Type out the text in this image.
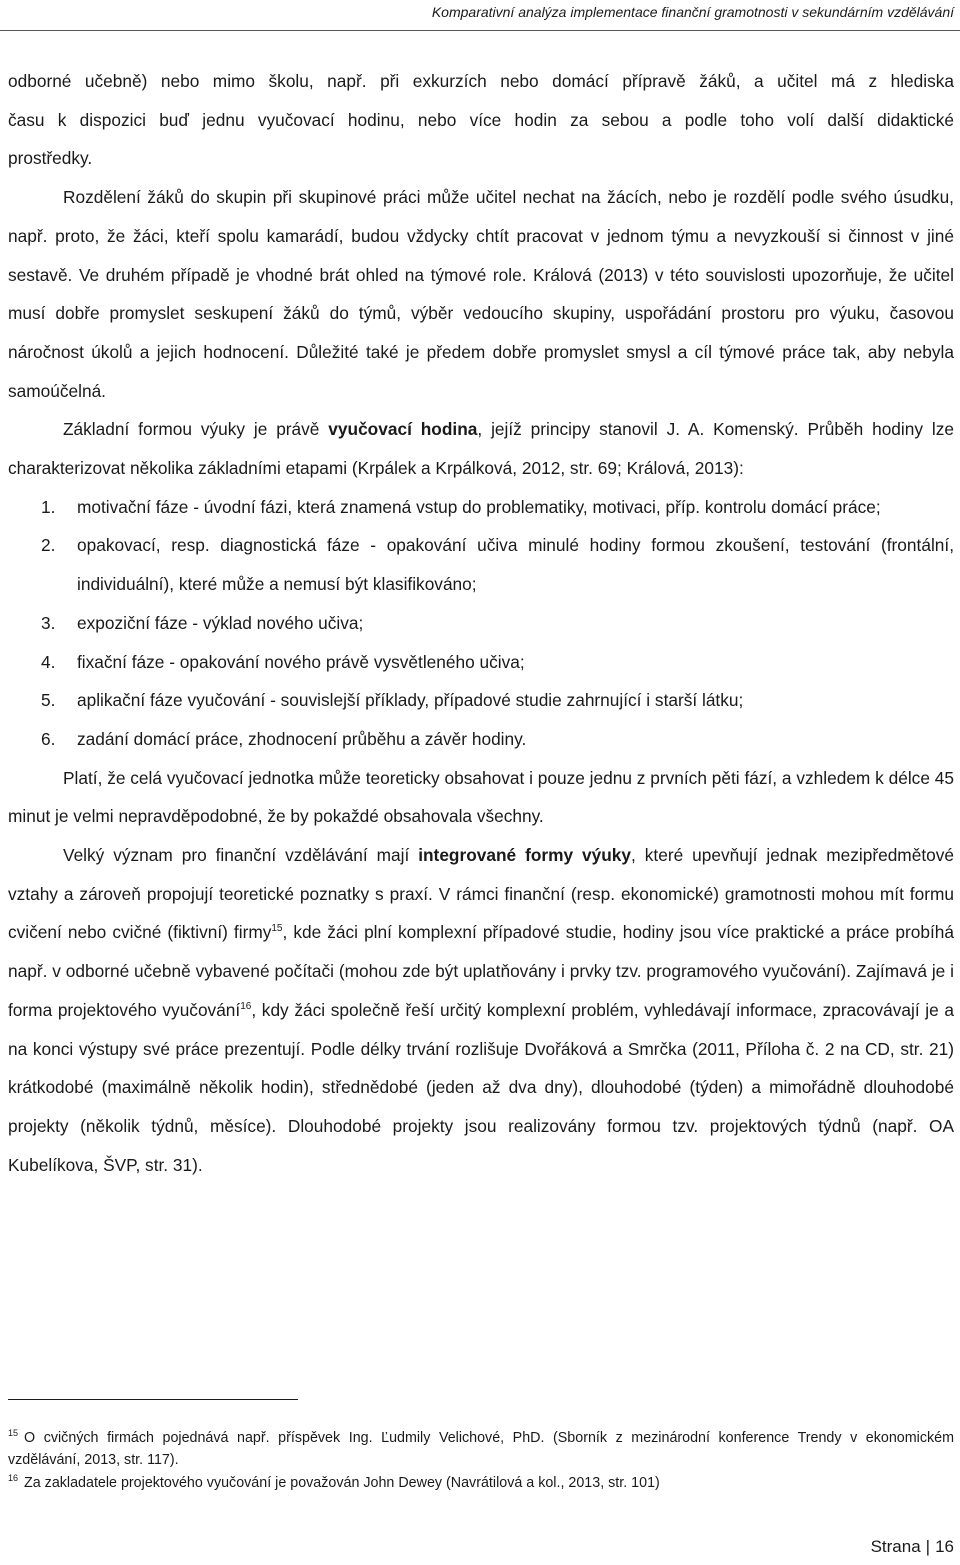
Komparativní analýza implementace finanční gramotnosti v sekundárním vzdělávání
odborné učebně) nebo mimo školu, např. při exkurzích nebo domácí přípravě žáků, a učitel má z hlediska
času k dispozici buď jednu vyučovací hodinu, nebo více hodin za sebou a podle toho volí další didaktické
prostředky.

Rozdělení žáků do skupin při skupinové práci může učitel nechat na žácích, nebo je rozdělí podle svého úsudku, např. proto, že žáci, kteří spolu kamarádí, budou vždycky chtít pracovat v jednom týmu a nevyzkouší si činnost v jiné sestavě. Ve druhém případě je vhodné brát ohled na týmové role. Králová (2013) v této souvislosti upozorňuje, že učitel musí dobře promyslet seskupení žáků do týmů, výběr vedoucího skupiny, uspořádání prostoru pro výuku, časovou náročnost úkolů a jejich hodnocení. Důležité také je předem dobře promyslet smysl a cíl týmové práce tak, aby nebyla samoúčelná.

Základní formou výuky je právě vyučovací hodina, jejíž principy stanovil J. A. Komenský. Průběh hodiny lze charakterizovat několika základními etapami (Krpálek a Krpálková, 2012, str. 69; Králová, 2013):

1. motivační fáze - úvodní fázi, která znamená vstup do problematiky, motivaci, příp. kontrolu domácí práce;
2. opakovací, resp. diagnostická fáze - opakování učiva minulé hodiny formou zkoušení, testování (frontální, individuální), které může a nemusí být klasifikováno;
3. expoziční fáze - výklad nového učiva;
4. fixační fáze - opakování nového právě vysvětleného učiva;
5. aplikační fáze vyučování - souvislejší příklady, případové studie zahrnující i starší látku;
6. zadání domácí práce, zhodnocení průběhu a závěr hodiny.

Platí, že celá vyučovací jednotka může teoreticky obsahovat i pouze jednu z prvních pěti fází, a vzhledem k délce 45 minut je velmi nepravděpodobné, že by pokaždé obsahovala všechny.

Velký význam pro finanční vzdělávání mají integrované formy výuky, které upevňují jednak mezipředmětové vztahy a zároveň propojují teoretické poznatky s praxí. V rámci finanční (resp. ekonomické) gramotnosti mohou mít formu cvičení nebo cvičné (fiktivní) firmy$^{15}$, kde žáci plní komplexní případové studie, hodiny jsou více praktické a práce probíhá např. v odborné učebně vybavené počítači (mohou zde být uplatňovány i prvky tzv. programového vyučování). Zajímavá je i forma projektového vyučování$^{16}$, kdy žáci společně řeší určitý komplexní problém, vyhledávají informace, zpracovávají je a na konci výstupy své práce prezentují. Podle délky trvání rozlišuje Dvořáková a Smrčka (2011, Příloha č. 2 na CD, str. 21) krátkodobé (maximálně několik hodin), střednědobé (jeden až dva dny), dlouhodobé (týden) a mimořádně dlouhodobé projekty (několik týdnů, měsíce). Dlouhodobé projekty jsou realizovány formou tzv. projektových týdnů (např. OA Kubelíkova, ŠVP, str. 31).

$^{15}$ O cvičných firmách pojednává např. příspěvek Ing. Ľudmily Velichové, PhD. (Sborník z mezinárodní konference Trendy v ekonomickém vzdělávání, 2013, str. 117).

$^{16}$ Za zakladatele projektového vyučování je považován John Dewey (Navrátilová a kol., 2013, str. 101)

Strana | 16
